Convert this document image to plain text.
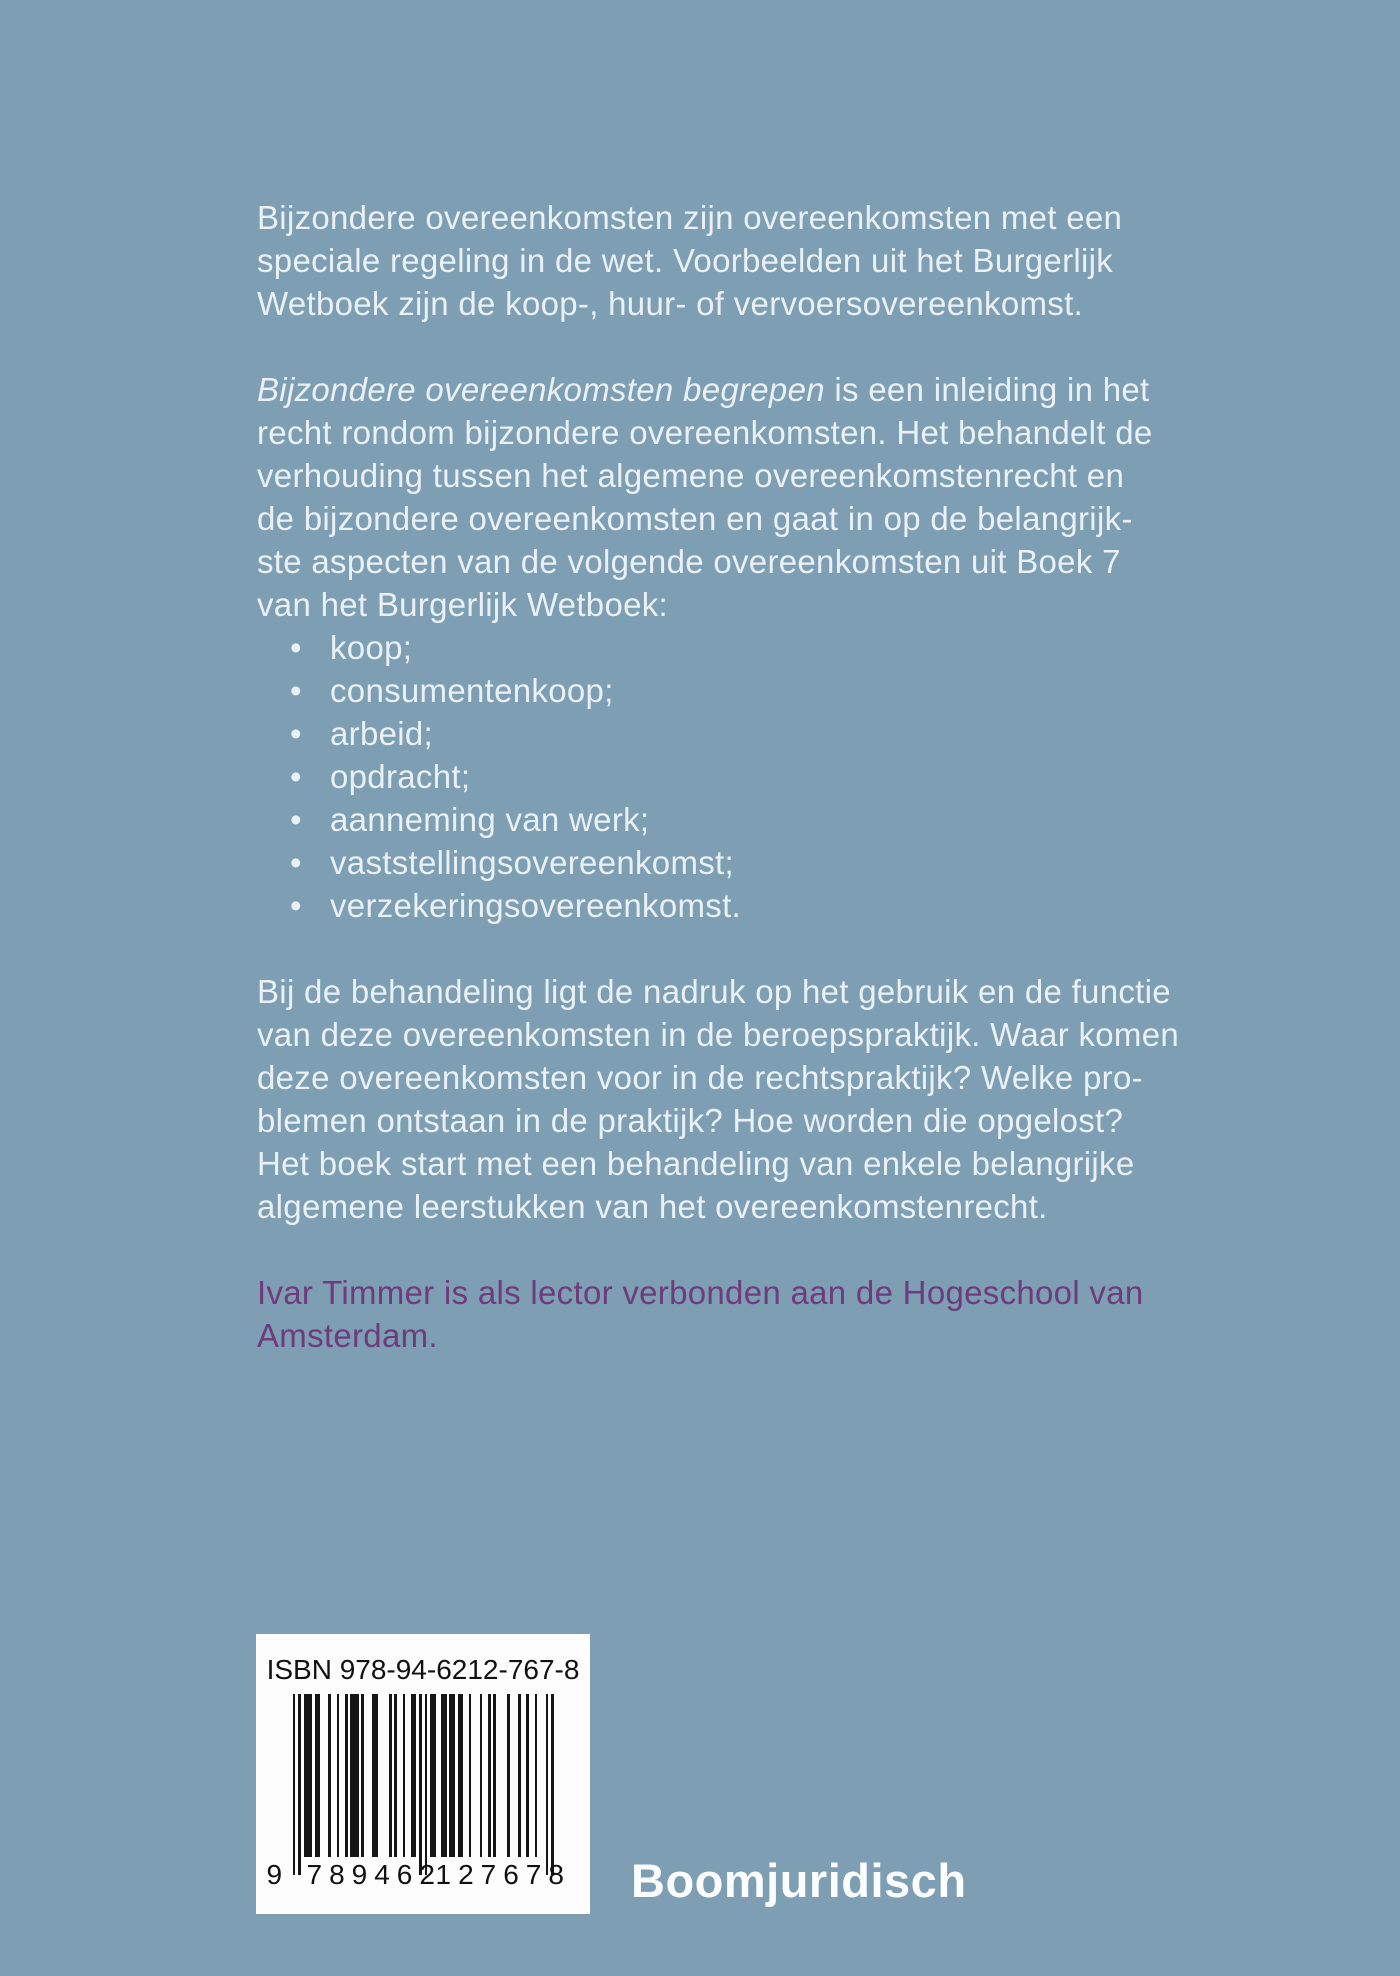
Bijzondere overeenkomsten zijn overeenkomsten met een
speciale regeling in de wet. Voorbeelden uit het Burgerlijk
Wetboek zijn de koop-, huur- of vervoersovereenkomst.
Bijzondere overeenkomsten begrepen is een inleiding in het
recht rondom bijzondere overeenkomsten. Het behandelt de
verhouding tussen het algemene overeenkomstenrecht en
de bijzondere overeenkomsten en gaat in op de belangrijk-
ste aspecten van de volgende overeenkomsten uit Boek 7
van het Burgerlijk Wetboek:
• koop;
• consumentenkoop;
• arbeid;
• opdracht;
• aanneming van werk;
• vaststellingsovereenkomst;
• verzekeringsovereenkomst.
Bij de behandeling ligt de nadruk op het gebruik en de functie
van deze overeenkomsten in de beroepspraktijk. Waar komen
deze overeenkomsten voor in de rechtspraktijk? Welke pro-
blemen ontstaan in de praktijk? Hoe worden die opgelost?
Het boek start met een behandeling van enkele belangrijke
algemene leerstukken van het overeenkomstenrecht.
Ivar Timmer is als lector verbonden aan de Hogeschool van
Amsterdam.
ISBN 978-94-6212-767-8
9 789462
127678 Boomjuridisch
